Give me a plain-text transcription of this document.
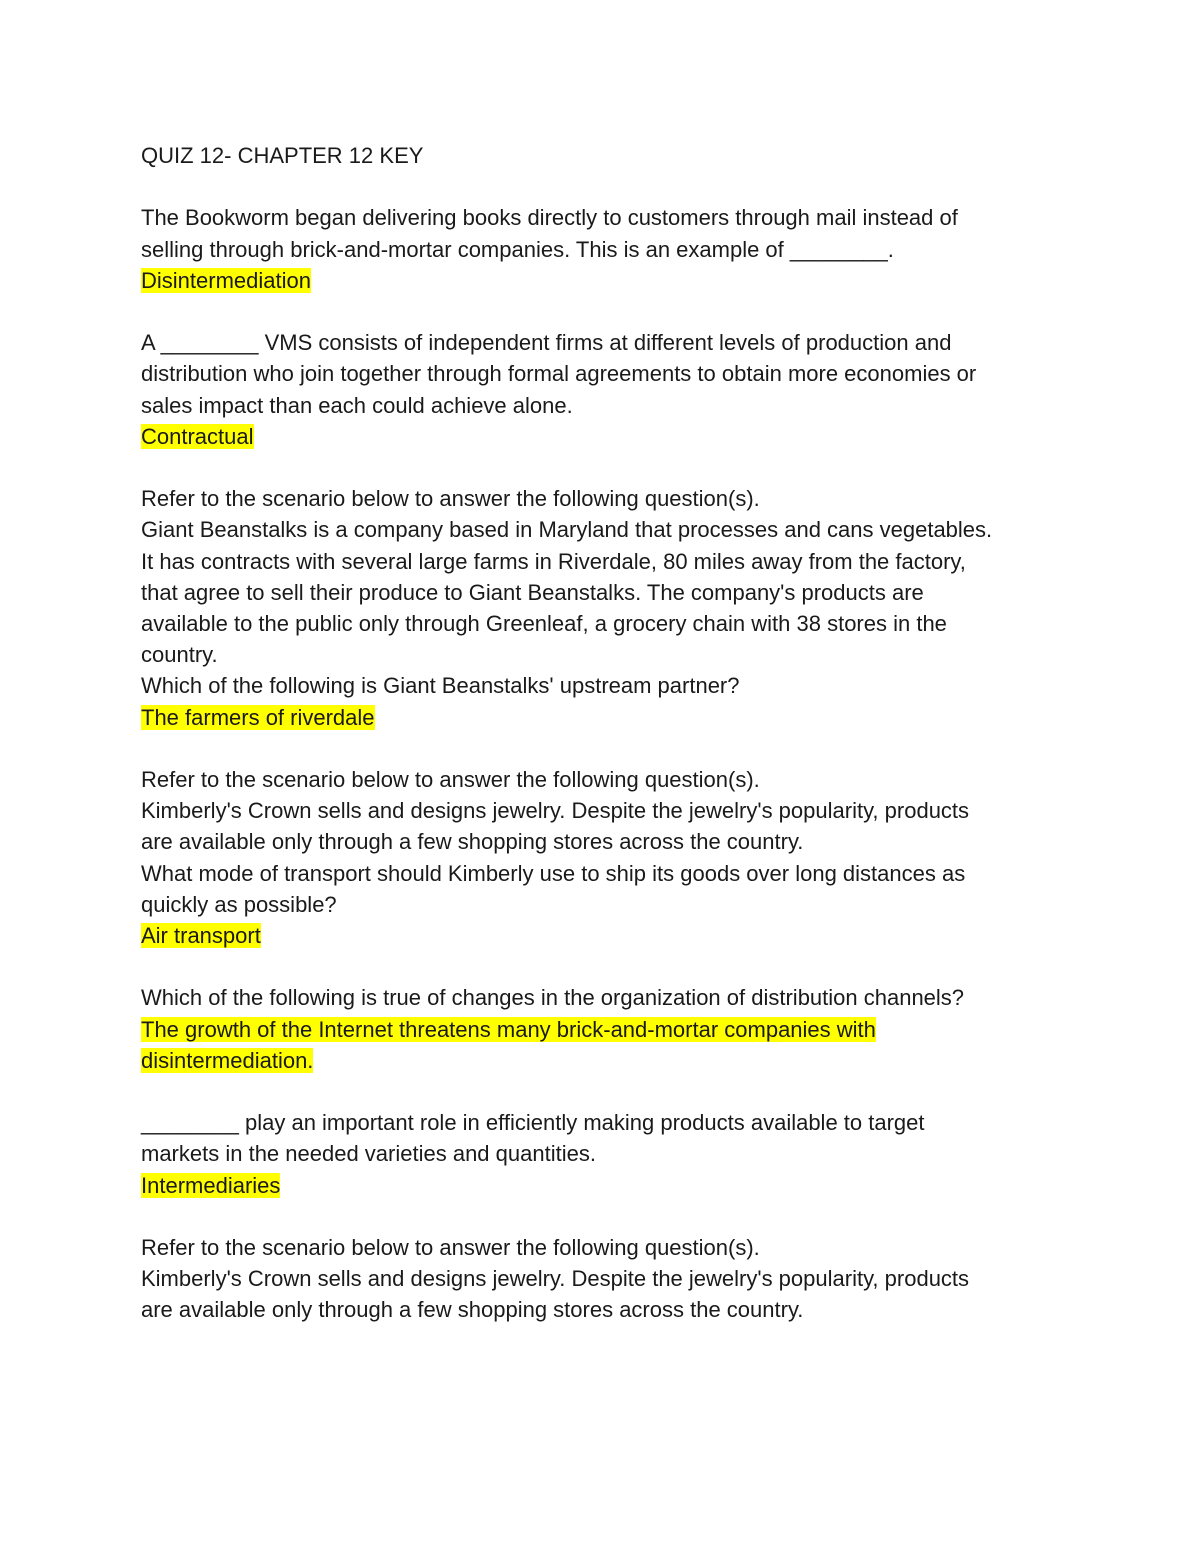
QUIZ 12- CHAPTER 12 KEY
The Bookworm began delivering books directly to customers through mail instead of
selling through brick-and-mortar companies. This is an example of ________.
Disintermediation
A ________ VMS consists of independent firms at different levels of production and
distribution who join together through formal agreements to obtain more economies or
sales impact than each could achieve alone.
Contractual
Refer to the scenario below to answer the following question(s).
Giant Beanstalks is a company based in Maryland that processes and cans vegetables.
It has contracts with several large farms in Riverdale, 80 miles away from the factory,
that agree to sell their produce to Giant Beanstalks. The company's products are
available to the public only through Greenleaf, a grocery chain with 38 stores in the
country.
Which of the following is Giant Beanstalks' upstream partner?
The farmers of riverdale
Refer to the scenario below to answer the following question(s).
Kimberly's Crown sells and designs jewelry. Despite the jewelry's popularity, products
are available only through a few shopping stores across the country.
What mode of transport should Kimberly use to ship its goods over long distances as
quickly as possible?
Air transport
Which of the following is true of changes in the organization of distribution channels?
The growth of the Internet threatens many brick-and-mortar companies with
disintermediation.
________ play an important role in efficiently making products available to target
markets in the needed varieties and quantities.
Intermediaries
Refer to the scenario below to answer the following question(s).
Kimberly's Crown sells and designs jewelry. Despite the jewelry's popularity, products
are available only through a few shopping stores across the country.
